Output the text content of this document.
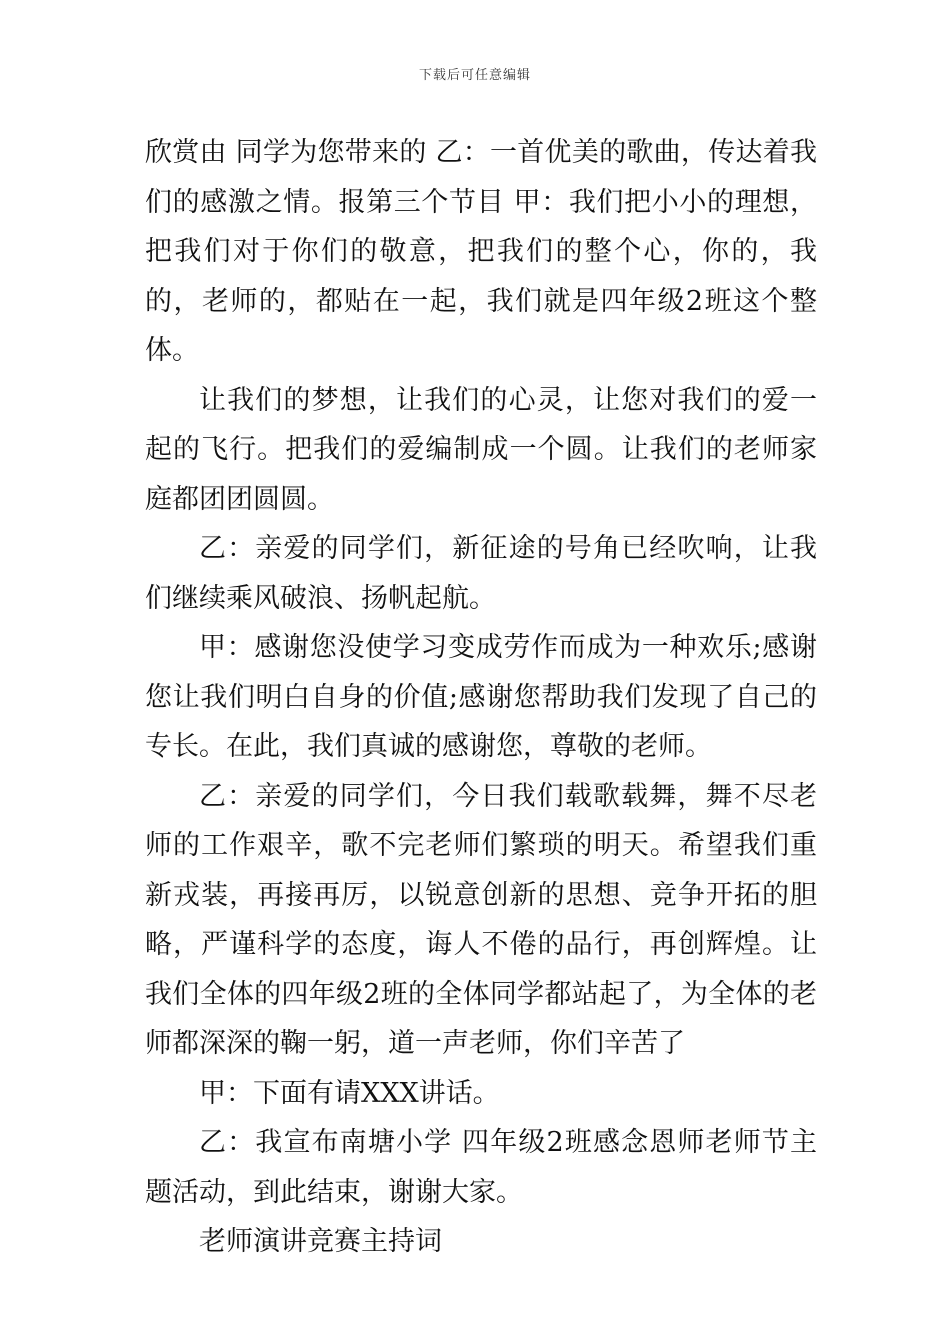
下载后可任意编辑

欣赏由 同学为您带来的 乙：一首优美的歌曲，传达着我们的感激之情。报第三个节目 甲：我们把小小的理想，把我们对于你们的敬意，把我们的整个心，你的，我的，老师的，都贴在一起，我们就是四年级2班这个整体。

让我们的梦想，让我们的心灵，让您对我们的爱一起的飞行。把我们的爱编制成一个圆。让我们的老师家庭都团团圆圆。

乙：亲爱的同学们，新征途的号角已经吹响，让我们继续乘风破浪、扬帆起航。

甲：感谢您没使学习变成劳作而成为一种欢乐;感谢您让我们明白自身的价值;感谢您帮助我们发现了自己的专长。在此，我们真诚的感谢您，尊敬的老师。

乙：亲爱的同学们，今日我们载歌载舞，舞不尽老师的工作艰辛，歌不完老师们繁琐的明天。希望我们重新戎装，再接再厉，以锐意创新的思想、竞争开拓的胆略，严谨科学的态度，诲人不倦的品行，再创辉煌。让我们全体的四年级2班的全体同学都站起了，为全体的老师都深深的鞠一躬，道一声老师，你们辛苦了

甲：下面有请XXX讲话。

乙：我宣布南塘小学 四年级2班感念恩师老师节主题活动，到此结束，谢谢大家。

老师演讲竞赛主持词
